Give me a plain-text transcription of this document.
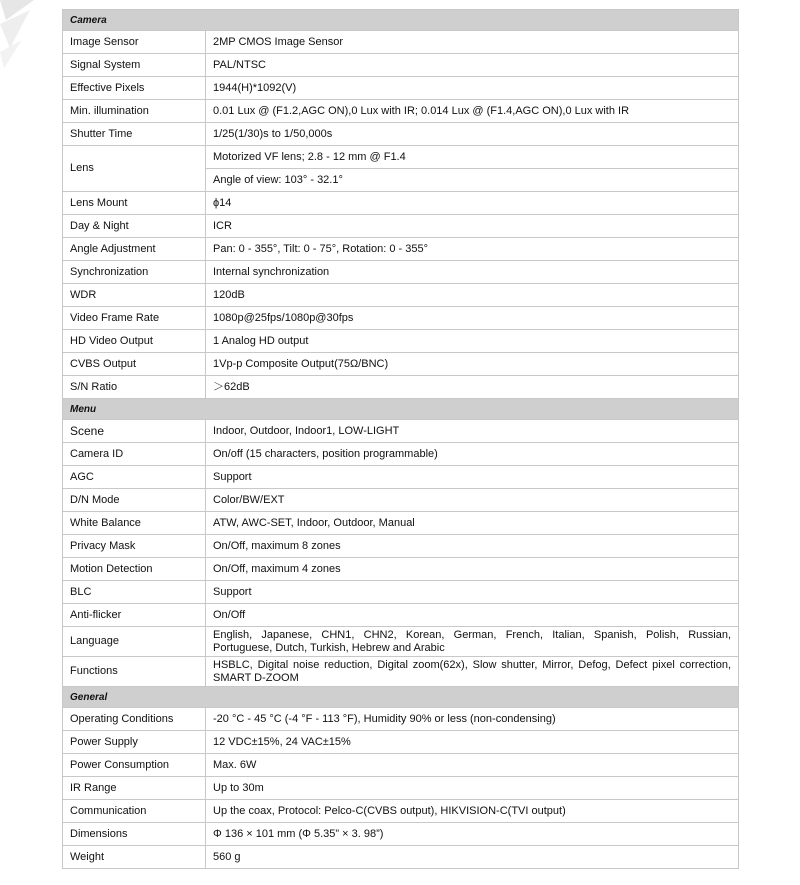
Camera	
Image Sensor	2MP CMOS Image Sensor
Signal System	PAL/NTSC
Effective Pixels	1944(H)*1092(V)
Min. illumination	0.01 Lux @ (F1.2,AGC ON),0 Lux with IR; 0.014 Lux @ (F1.4,AGC ON),0 Lux with IR
Shutter Time	1/25(1/30)s to 1/50,000s
Lens	Motorized VF lens; 2.8 - 12 mm @ F1.4
	Angle of view: 103° - 32.1°
Lens Mount	ϕ14
Day & Night	ICR
Angle Adjustment	Pan: 0 - 355°, Tilt: 0 - 75°, Rotation: 0 - 355°
Synchronization	Internal synchronization
WDR	120dB
Video Frame Rate	1080p@25fps/1080p@30fps
HD Video Output	1 Analog HD output
CVBS Output	1Vp-p Composite Output(75Ω/BNC)
S/N Ratio	＞62dB
Menu	
Scene	Indoor, Outdoor, Indoor1, LOW-LIGHT
Camera ID	On/off (15 characters, position programmable)
AGC	Support
D/N Mode	Color/BW/EXT
White Balance	ATW, AWC-SET, Indoor, Outdoor, Manual
Privacy Mask	On/Off, maximum 8 zones
Motion Detection	On/Off, maximum 4 zones
BLC	Support
Anti-flicker	On/Off
Language	English, Japanese, CHN1, CHN2, Korean, German, French, Italian, Spanish, Polish, Russian, Portuguese, Dutch, Turkish, Hebrew and Arabic
Functions	HSBLC, Digital noise reduction, Digital zoom(62x), Slow shutter, Mirror, Defog, Defect pixel correction, SMART D-ZOOM
General	
Operating Conditions	-20 °C - 45 °C (-4 °F - 113 °F), Humidity 90% or less (non-condensing)
Power Supply	12 VDC±15%, 24 VAC±15%
Power Consumption	Max. 6W
IR Range	Up to 30m
Communication	Up the coax, Protocol: Pelco-C(CVBS output), HIKVISION-C(TVI output)
Dimensions	Φ 136 × 101 mm (Φ 5.35” × 3. 98”)
Weight	560 g
